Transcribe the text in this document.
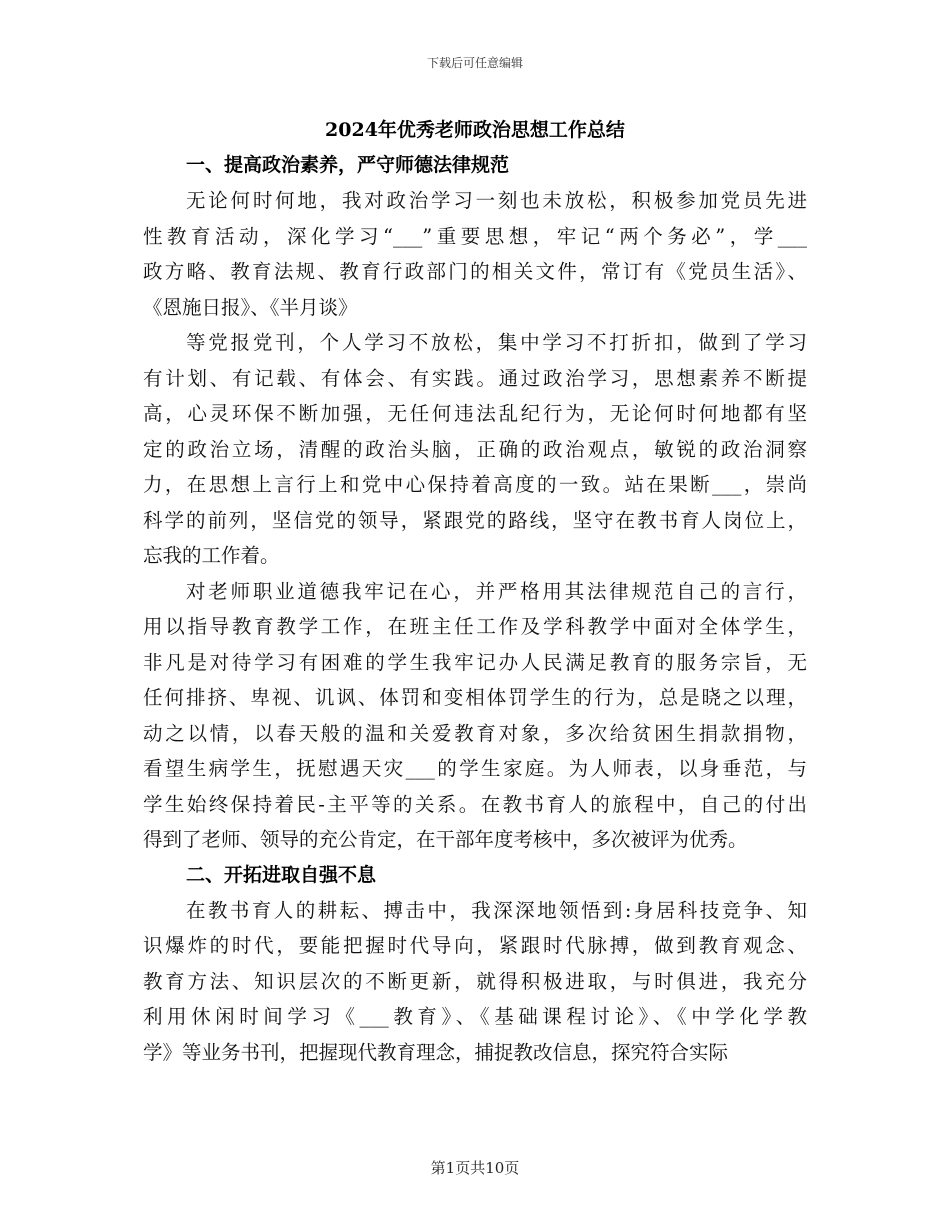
下载后可任意编辑
2024年优秀老师政治思想工作总结
一、提高政治素养，严守师德法律规范
无论何时何地，我对政治学习一刻也未放松，积极参加党员先进
性教育活动，深化学习“___”重要思想，牢记“两个务必”，学___
政方略、教育法规、教育行政部门的相关文件，常订有《党员生活》、
《恩施日报》、《半月谈》
等党报党刊，个人学习不放松，集中学习不打折扣，做到了学习
有计划、有记载、有体会、有实践。通过政治学习，思想素养不断提
高，心灵环保不断加强，无任何违法乱纪行为，无论何时何地都有坚
定的政治立场，清醒的政治头脑，正确的政治观点，敏锐的政治洞察
力，在思想上言行上和党中心保持着高度的一致。站在果断___，崇尚
科学的前列，坚信党的领导，紧跟党的路线，坚守在教书育人岗位上，
忘我的工作着。
对老师职业道德我牢记在心，并严格用其法律规范自己的言行，
用以指导教育教学工作，在班主任工作及学科教学中面对全体学生，
非凡是对待学习有困难的学生我牢记办人民满足教育的服务宗旨，无
任何排挤、卑视、讥讽、体罚和变相体罚学生的行为，总是晓之以理，
动之以情，以春天般的温和关爱教育对象，多次给贫困生捐款捐物，
看望生病学生，抚慰遇天灾___的学生家庭。为人师表，以身垂范，与
学生始终保持着民-主平等的关系。在教书育人的旅程中，自己的付出
得到了老师、领导的充公肯定，在干部年度考核中，多次被评为优秀。
二、开拓进取自强不息
在教书育人的耕耘、搏击中，我深深地领悟到:身居科技竞争、知
识爆炸的时代，要能把握时代导向，紧跟时代脉搏，做到教育观念、
教育方法、知识层次的不断更新，就得积极进取，与时俱进，我充分
利用休闲时间学习《___教育》、《基础课程讨论》、《中学化学教
学》等业务书刊，把握现代教育理念，捕捉教改信息，探究符合实际
第1页共10页
